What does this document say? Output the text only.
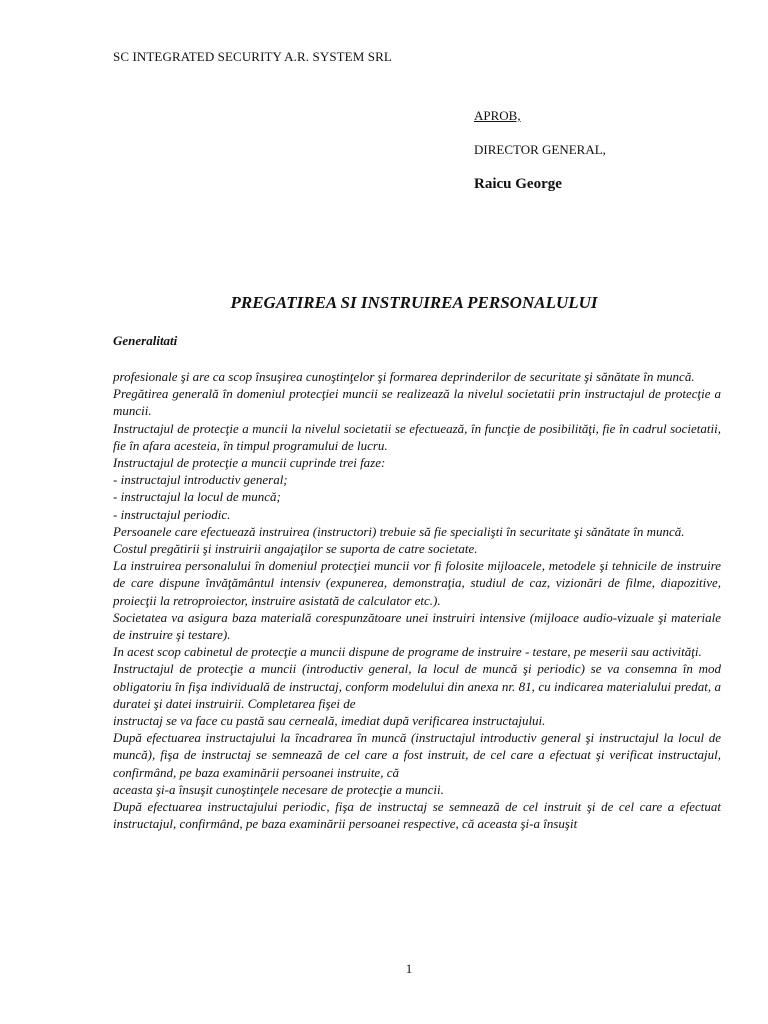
SC INTEGRATED SECURITY A.R. SYSTEM SRL

APROB,

DIRECTOR GENERAL,

Raicu George

PREGATIREA SI INSTRUIREA PERSONALULUI
Generalitati

profesionale şi are ca scop însuşirea cunoştinţelor şi formarea deprinderilor de securitate şi sănătate în muncă.

Pregătirea generală în domeniul protecţiei muncii se realizează la nivelul societatii prin instructajul de protecţie a muncii.

Instructajul de protecţie a muncii la nivelul societatii se efectuează, în funcţie de posibilităţi, fie în cadrul societatii, fie în afara acesteia, în timpul programului de lucru.

Instructajul de protecţie a muncii cuprinde trei faze:

- instructajul introductiv general;

- instructajul la locul de muncă;

- instructajul periodic.

Persoanele care efectuează instruirea (instructori) trebuie să fie specialişti în securitate şi sănătate în muncă.

Costul pregătirii şi instruirii angajaţilor se suporta de catre societate.

La instruirea personalului în domeniul protecţiei muncii vor fi folosite mijloacele, metodele şi tehnicile de instruire de care dispune învăţământul intensiv (expunerea, demonstraţia, studiul de caz, vizionări de filme, diapozitive, proiecţii la retroproiector, instruire asistată de calculator etc.).

Societatea va asigura baza materială corespunzătoare unei instruiri intensive (mijloace audio-vizuale şi materiale de instruire şi testare).

In acest scop cabinetul de protecţie a muncii dispune de programe de instruire - testare, pe meserii sau activităţi.

Instructajul de protecţie a muncii (introductiv general, la locul de muncă şi periodic) se va consemna în mod obligatoriu în fişa individuală de instructaj, conform modelului din anexa nr. 81, cu indicarea materialului predat, a duratei şi datei instruirii. Completarea fişei de

instructaj se va face cu pastă sau cerneală, imediat după verificarea instructajului.

După efectuarea instructajului la încadrarea în muncă (instructajul introductiv general şi instructajul la locul de muncă), fişa de instructaj se semnează de cel care a fost instruit, de cel care a efectuat şi verificat instructajul, confirmând, pe baza examinării persoanei instruite, că

aceasta şi-a însuşit cunoştinţele necesare de protecţie a muncii.

După efectuarea instructajului periodic, fişa de instructaj se semnează de cel instruit şi de cel care a efectuat instructajul, confirmând, pe baza examinării persoanei respective, că aceasta şi-a însuşit

1
